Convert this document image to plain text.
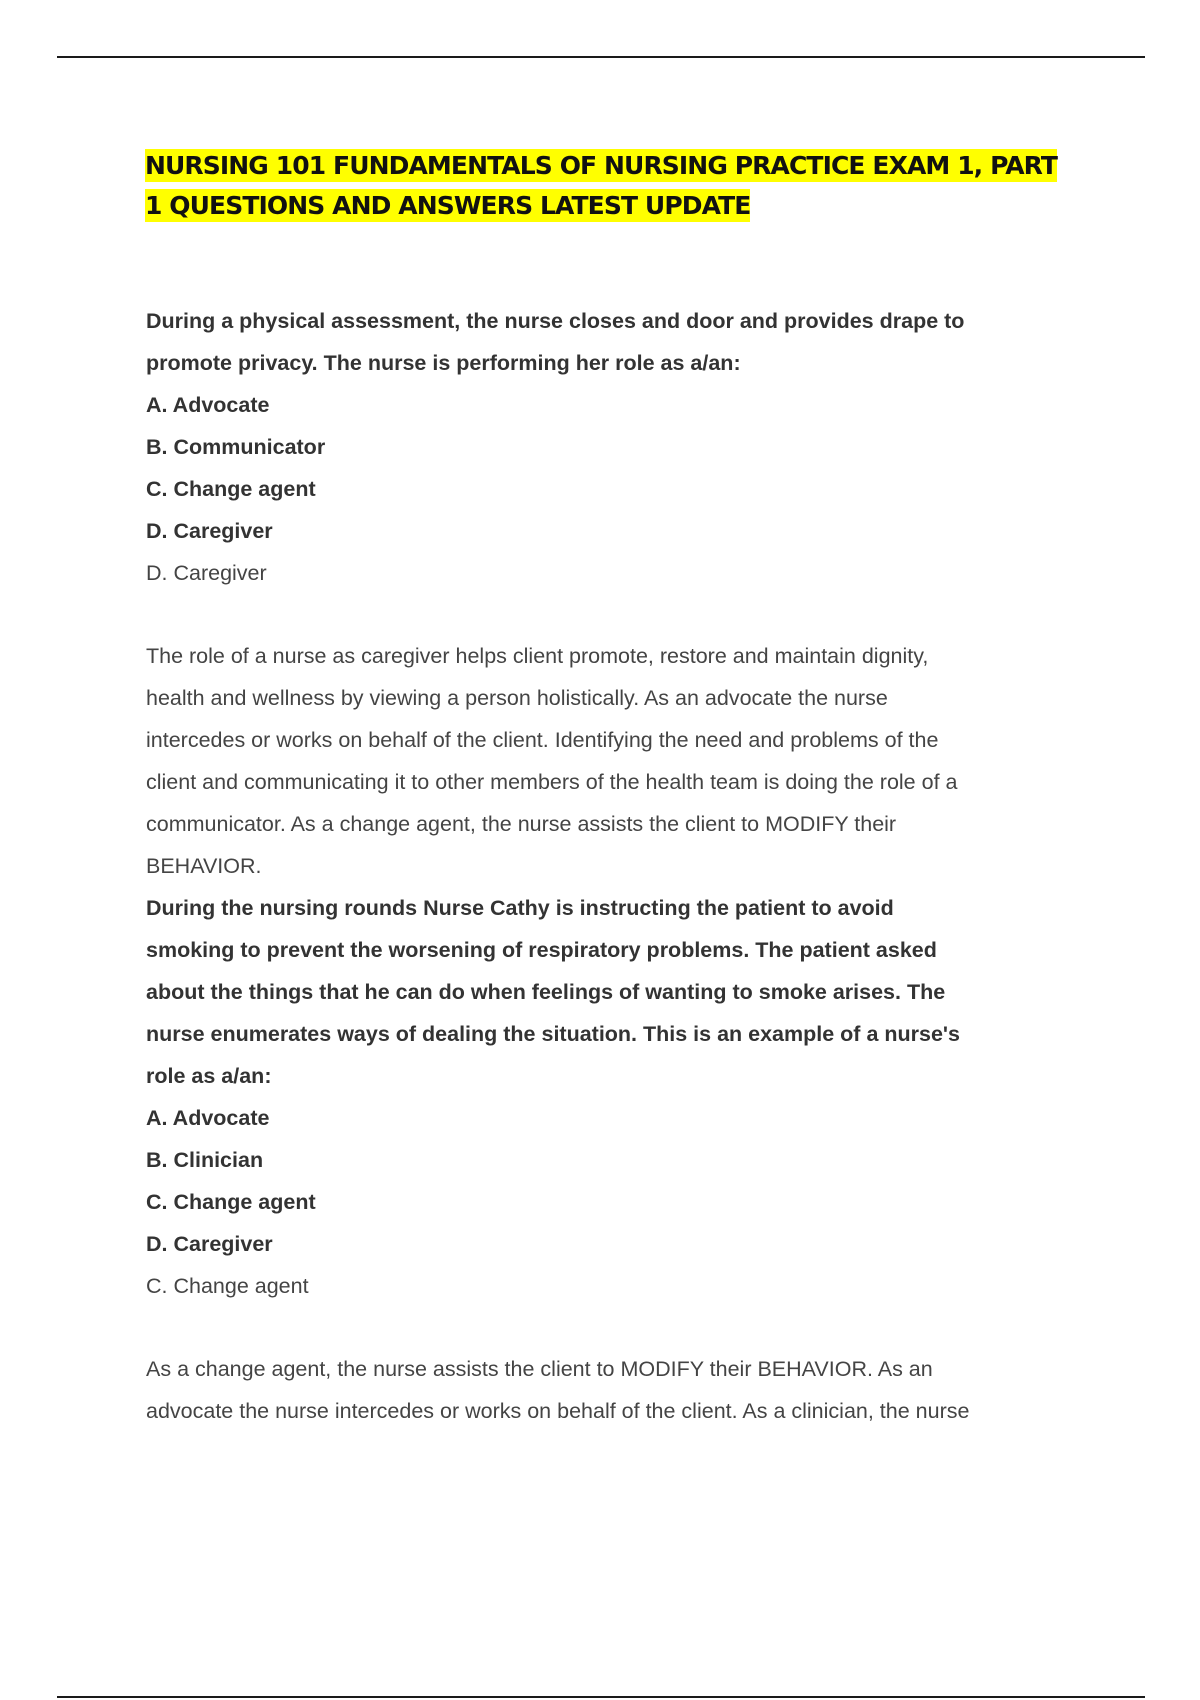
NURSING 101 FUNDAMENTALS OF NURSING PRACTICE EXAM 1, PART
1 QUESTIONS AND ANSWERS LATEST UPDATE

During a physical assessment, the nurse closes and door and provides drape to
promote privacy. The nurse is performing her role as a/an:

A. Advocate

B. Communicator

C. Change agent

D. Caregiver

D. Caregiver

The role of a nurse as caregiver helps client promote, restore and maintain dignity,
health and wellness by viewing a person holistically. As an advocate the nurse
intercedes or works on behalf of the client. Identifying the need and problems of the
client and communicating it to other members of the health team is doing the role of a
communicator. As a change agent, the nurse assists the client to MODIFY their
BEHAVIOR.

During the nursing rounds Nurse Cathy is instructing the patient to avoid
smoking to prevent the worsening of respiratory problems. The patient asked
about the things that he can do when feelings of wanting to smoke arises. The
nurse enumerates ways of dealing the situation. This is an example of a nurse's
role as a/an:

A. Advocate

B. Clinician

C. Change agent

D. Caregiver

C. Change agent

As a change agent, the nurse assists the client to MODIFY their BEHAVIOR. As an
advocate the nurse intercedes or works on behalf of the client. As a clinician, the nurse
